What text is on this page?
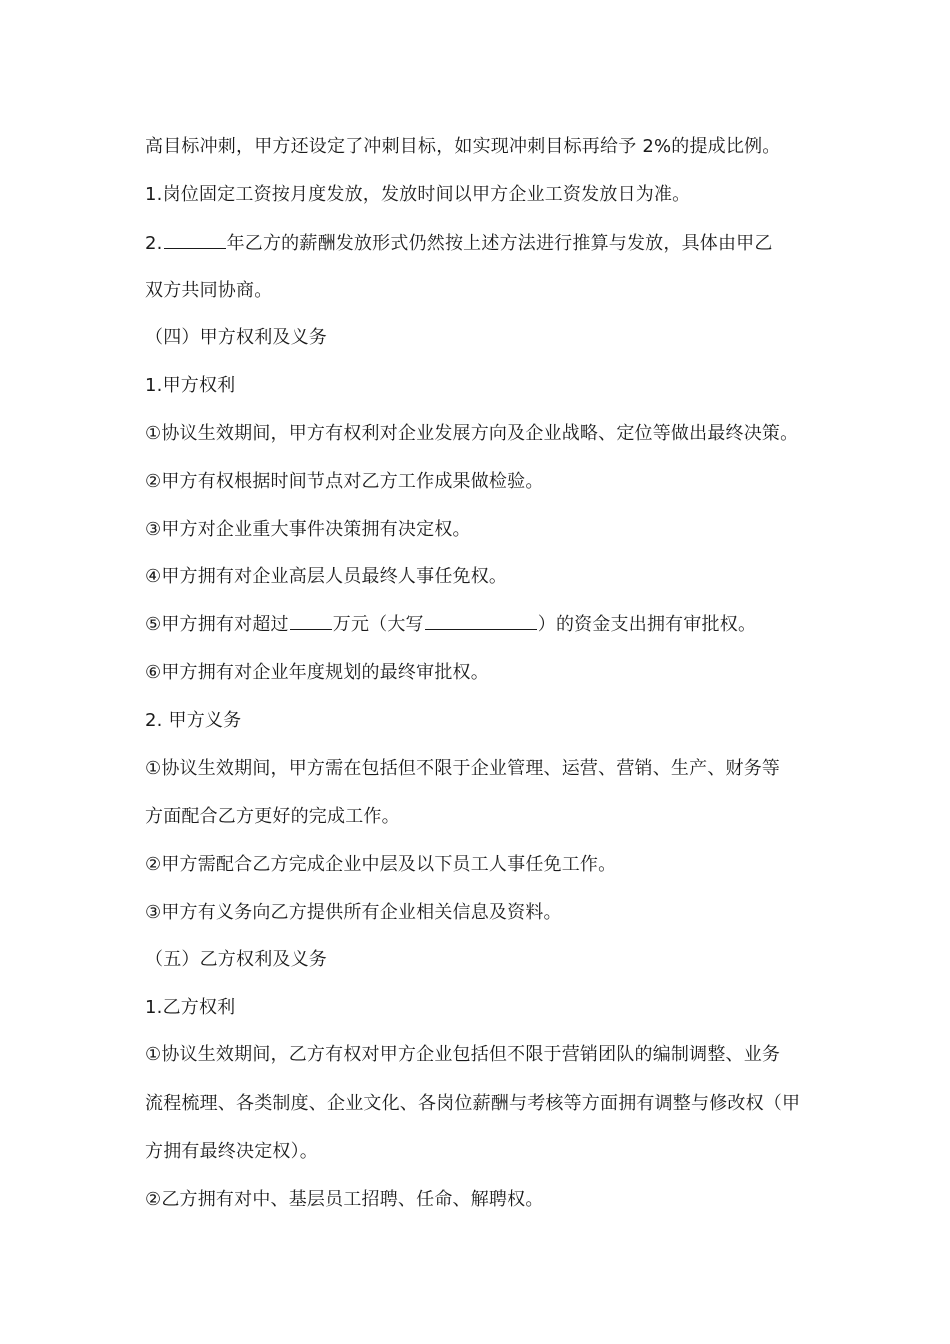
高目标冲刺，甲方还设定了冲刺目标，如实现冲刺目标再给予 2%的提成比例。
1.岗位固定工资按月度发放，发放时间以甲方企业工资发放日为准。
2.	年乙方的薪酬发放形式仍然按上述方法进行推算与发放，具体由甲乙
双方共同协商。
（四）甲方权利及义务
1.甲方权利
①协议生效期间，甲方有权利对企业发展方向及企业战略、定位等做出最终决策。
②甲方有权根据时间节点对乙方工作成果做检验。
③甲方对企业重大事件决策拥有决定权。
④甲方拥有对企业高层人员最终人事任免权。
⑤甲方拥有对超过 万元（大写	）的资金支出拥有审批权。
⑥甲方拥有对企业年度规划的最终审批权。
2. 甲方义务
①协议生效期间，甲方需在包括但不限于企业管理、运营、营销、生产、财务等
方面配合乙方更好的完成工作。
②甲方需配合乙方完成企业中层及以下员工人事任免工作。
③甲方有义务向乙方提供所有企业相关信息及资料。
（五）乙方权利及义务
1.乙方权利
①协议生效期间，乙方有权对甲方企业包括但不限于营销团队的编制调整、业务
流程梳理、各类制度、企业文化、各岗位薪酬与考核等方面拥有调整与修改权（甲
方拥有最终决定权）。
②乙方拥有对中、基层员工招聘、任命、解聘权。
